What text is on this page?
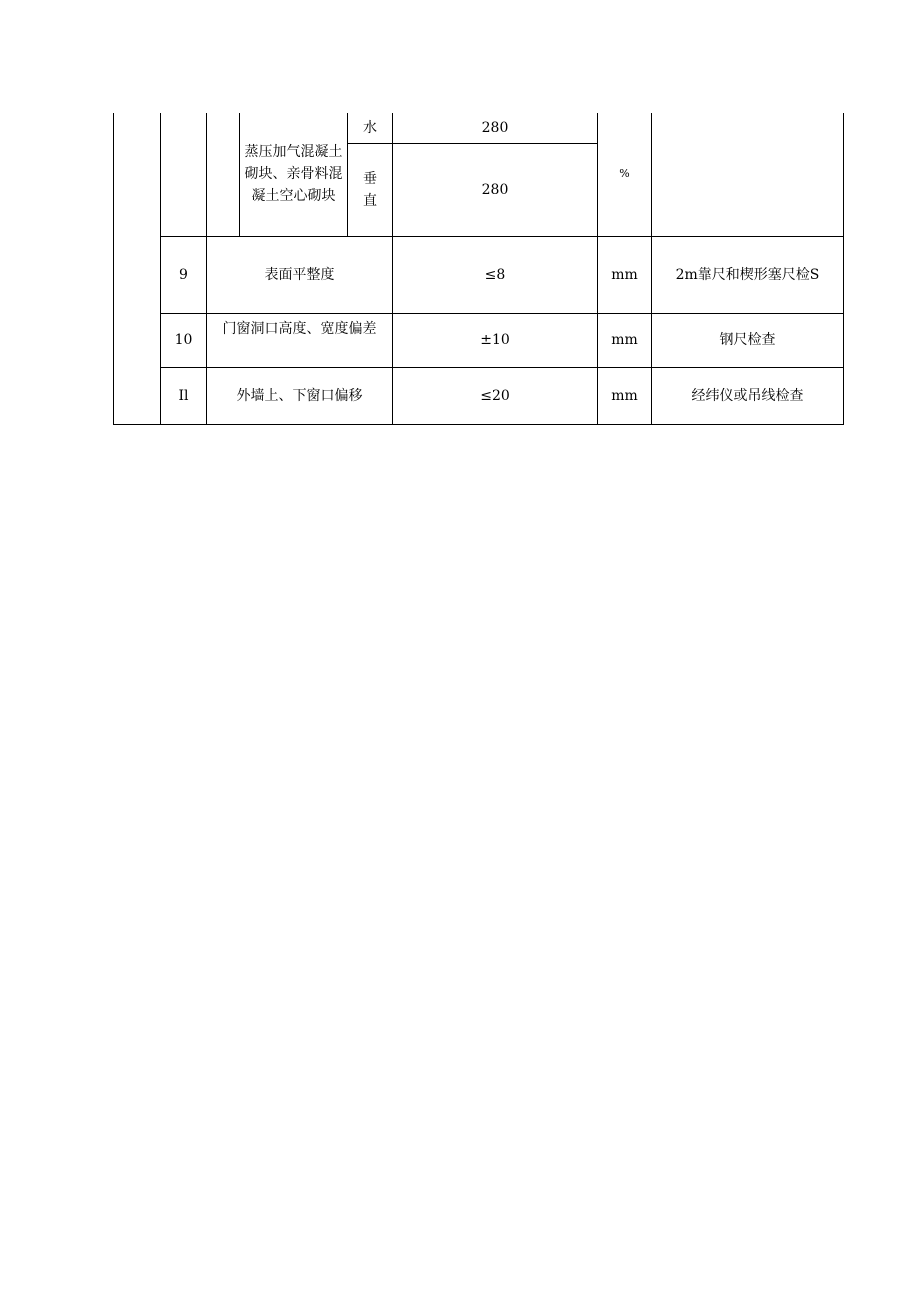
			蒸压加气混凝土砌块、亲骨料混凝土空心砌块	水	280	%	
				垂直	280		
	9	表面平整度			≤8	mm	2m靠尺和楔形塞尺检S
	10	门窗洞口高度、宽度偏差			±10	mm	钢尺检查
	Il	外墙上、下窗口偏移			≤20	mm	经纬仪或吊线检查
